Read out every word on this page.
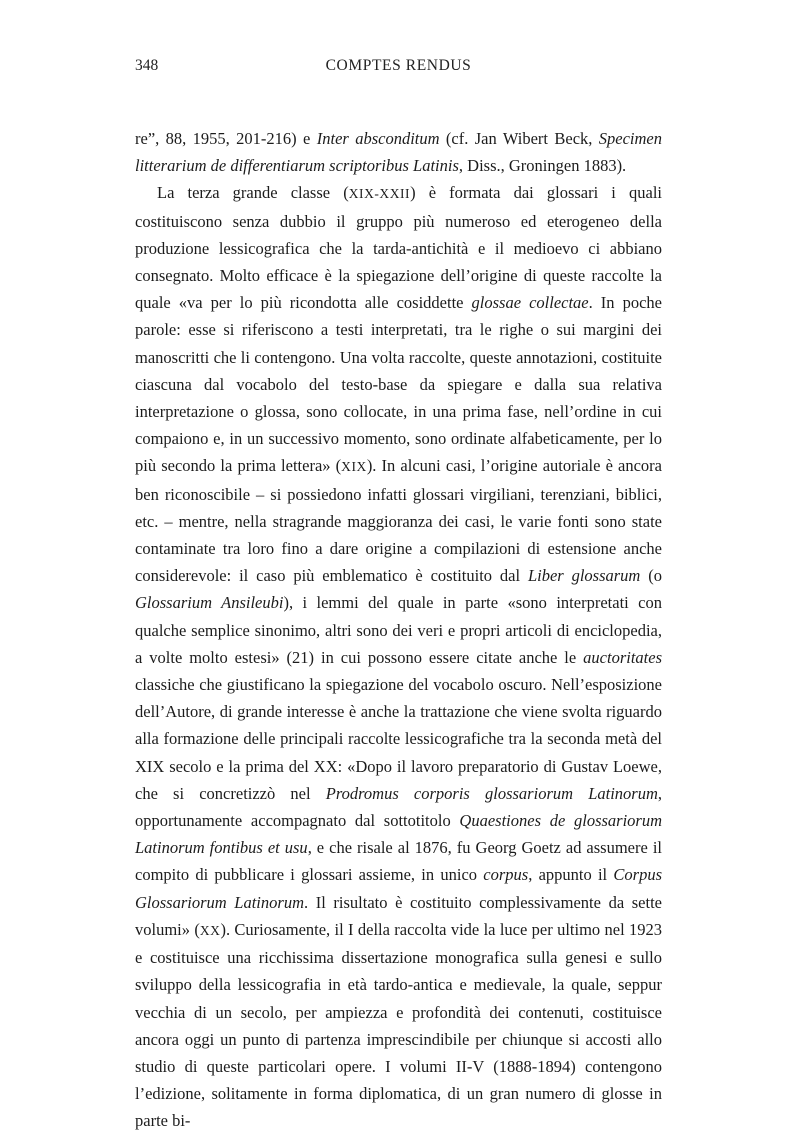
348	COMPTES RENDUS

re”, 88, 1955, 201-216) e Inter absconditum (cf. Jan Wibert Beck, Specimen litterarium de differentiarum scriptoribus Latinis, Diss., Groningen 1883).

La terza grande classe (XIX-XXII) è formata dai glossari i quali costituiscono senza dubbio il gruppo più numeroso ed eterogeneo della produzione lessicografica che la tarda-antichità e il medioevo ci abbiano consegnato. Molto efficace è la spiegazione dell’origine di queste raccolte la quale «va per lo più ricondotta alle cosiddette glossae collectae. In poche parole: esse si riferiscono a testi interpretati, tra le righe o sui margini dei manoscritti che li contengono. Una volta raccolte, queste annotazioni, costituite ciascuna dal vocabolo del testo-base da spiegare e dalla sua relativa interpretazione o glossa, sono collocate, in una prima fase, nell’ordine in cui compaiono e, in un successivo momento, sono ordinate alfabeticamente, per lo più secondo la prima lettera» (XIX). In alcuni casi, l’origine autoriale è ancora ben riconoscibile – si possiedono infatti glossari virgiliani, terenziani, biblici, etc. – mentre, nella stragrande maggioranza dei casi, le varie fonti sono state contaminate tra loro fino a dare origine a compilazioni di estensione anche considerevole: il caso più emblematico è costituito dal Liber glossarum (o Glossarium Ansileubi), i lemmi del quale in parte «sono interpretati con qualche semplice sinonimo, altri sono dei veri e propri articoli di enciclopedia, a volte molto estesi» (21) in cui possono essere citate anche le auctoritates classiche che giustificano la spiegazione del vocabolo oscuro. Nell’esposizione dell’Autore, di grande interesse è anche la trattazione che viene svolta riguardo alla formazione delle principali raccolte lessicografiche tra la seconda metà del XIX secolo e la prima del XX: «Dopo il lavoro preparatorio di Gustav Loewe, che si concretizzò nel Prodromus corporis glossariorum Latinorum, opportunamente accompagnato dal sottotitolo Quaestiones de glossariorum Latinorum fontibus et usu, e che risale al 1876, fu Georg Goetz ad assumere il compito di pubblicare i glossari assieme, in unico corpus, appunto il Corpus Glossariorum Latinorum. Il risultato è costituito complessivamente da sette volumi» (XX). Curiosamente, il I della raccolta vide la luce per ultimo nel 1923 e costituisce una ricchissima dissertazione monografica sulla genesi e sullo sviluppo della lessicografia in età tardo-antica e medievale, la quale, seppur vecchia di un secolo, per ampiezza e profondità dei contenuti, costituisce ancora oggi un punto di partenza imprescindibile per chiunque si accosti allo studio di queste particolari opere. I volumi II-V (1888-1894) contengono l’edizione, solitamente in forma diplomatica, di un gran numero di glosse in parte bi-
